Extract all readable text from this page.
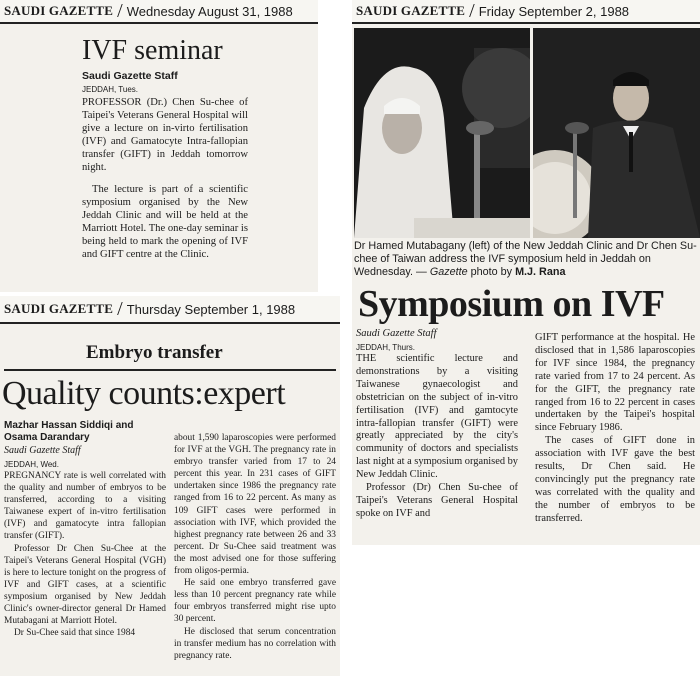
SAUDI GAZETTE / Wednesday August 31, 1988
IVF seminar
Saudi Gazette Staff
JEDDAH, Tues.

PROFESSOR (Dr.) Chen Su-chee of Taipei's Veterans General Hospital will give a lecture on in-virto fertilisation (IVF) and Gamatocyte Intra-fallopian transfer (GIFT) in Jeddah tomorrow night.

The lecture is part of a scientific symposium organised by the New Jeddah Clinic and will be held at the Marriott Hotel. The one-day seminar is being held to mark the opening of IVF and GIFT centre at the Clinic.

SAUDI GAZETTE / Friday September 2, 1988
Dr Hamed Mutabagany (left) of the New Jeddah Clinic and Dr Chen Su-chee of Taiwan address the IVF symposium held in Jeddah on Wednesday. — Gazette photo by M.J. Rana
Symposium on IVF
Saudi Gazette Staff
JEDDAH, Thurs.

THE scientific lecture and demonstrations by a visiting Taiwanese gynaecologist and obstetrician on the subject of in-vitro fertilisation (IVF) and gamtocyte intra-fallopian transfer (GIFT) were greatly appreciated by the city's community of doctors and specialists last night at a symposium organised by New Jeddah Clinic.

Professor (Dr) Chen Su-chee of Taipei's Veterans General Hospital spoke on IVF and

GIFT performance at the hospital. He disclosed that in 1,586 laparoscopies for IVF since 1984, the pregnancy rate varied from 17 to 24 percent. As for the GIFT, the pregnancy rate ranged from 16 to 22 percent in cases undertaken by the Taipei's hospital since February 1986.

The cases of GIFT done in association with IVF gave the best results, Dr Chen said. He convincingly put the pregnancy rate was correlated with the quality and the number of embryos to be transferred.

SAUDI GAZETTE / Thursday September 1, 1988
Embryo transfer
Quality counts:expert
Mazhar Hassan Siddiqi and
Osama Darandary
Saudi Gazette Staff
JEDDAH, Wed.

PREGNANCY rate is well correlated with the quality and number of embryos to be transferred, according to a visiting Taiwanese expert of in-vitro fertilisation (IVF) and gamatocyte intra fallopian transfer (GIFT).

Professor Dr Chen Su-Chee at the Taipei's Veterans General Hospital (VGH) is here to lecture tonight on the progress of IVF and GIFT cases, at a scientific symposium organised by New Jeddah Clinic's owner-director general Dr Hamed Mutabagani at Marriott Hotel.

Dr Su-Chee said that since 1984

about 1,590 laparoscopies were performed for IVF at the VGH. The pregnancy rate in embryo transfer varied from 17 to 24 percent this year. In 231 cases of GIFT undertaken since 1986 the pregnancy rate ranged from 16 to 22 percent. As many as 109 GIFT cases were performed in association with IVF, which provided the highest pregnancy rate between 26 and 33 percent. Dr Su-Chee said treatment was the most advised one for those suffering from oligos-permia.

He said one embryo transferred gave less than 10 percent pregnancy rate while four embryos transferred might rise upto 30 percent.

He disclosed that serum concentration in transfer medium has no correlation with pregnancy rate.
